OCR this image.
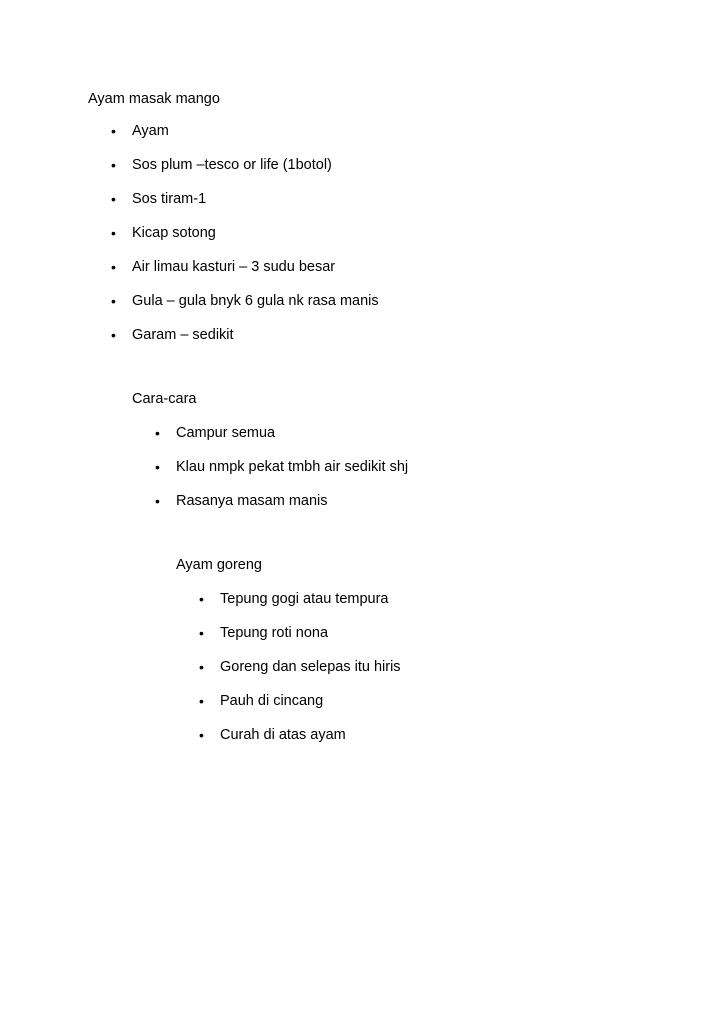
Ayam masak mango
• Ayam
• Sos plum –tesco or life (1botol)
• Sos tiram-1
• Kicap sotong
• Air limau kasturi – 3 sudu besar
• Gula – gula bnyk 6 gula nk rasa manis
• Garam – sedikit
Cara-cara
• Campur semua
• Klau nmpk pekat tmbh air sedikit shj
• Rasanya masam manis
Ayam goreng
• Tepung gogi atau tempura
• Tepung roti nona
• Goreng dan selepas itu hiris
• Pauh di cincang
• Curah di atas ayam
